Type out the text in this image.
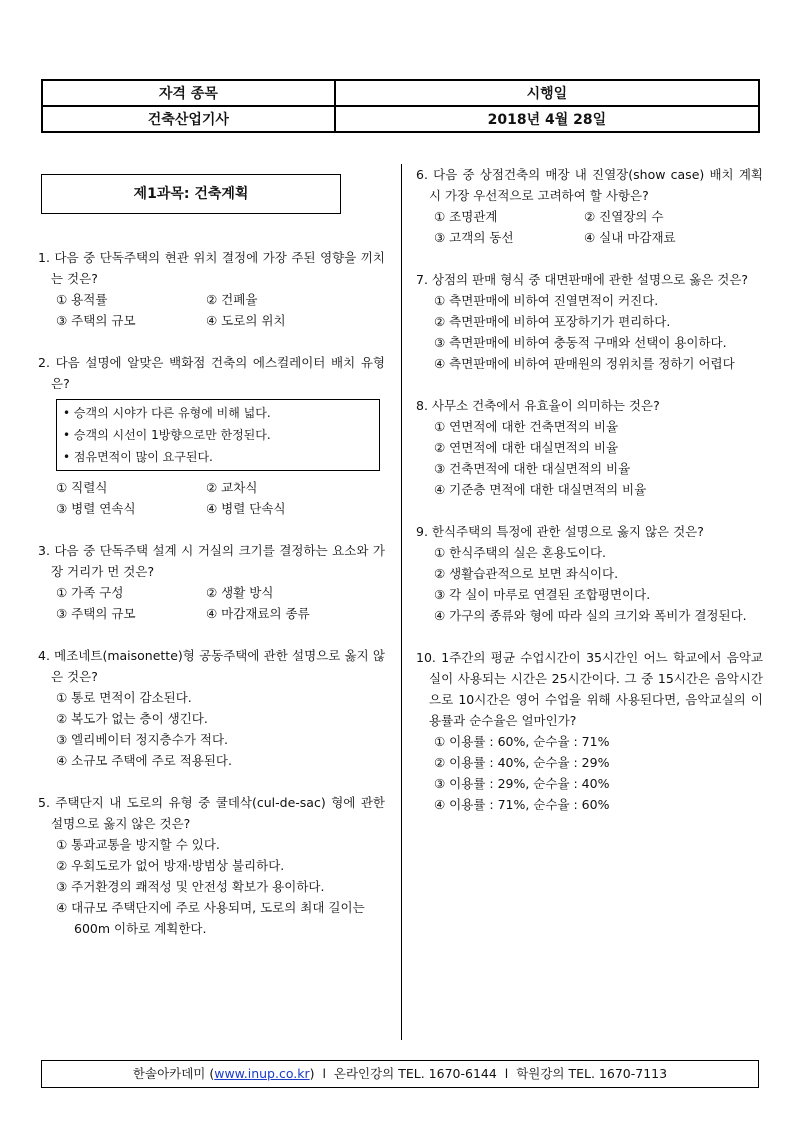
자격 종목	시행일
건축산업기사	2018년 4월 28일
제1과목: 건축계획
1. 다음 중 단독주택의 현관 위치 결정에 가장 주된 영향을 끼치는 것은?
① 용적률	② 건폐율
③ 주택의 규모	④ 도로의 위치
2. 다음 설명에 알맞은 백화점 건축의 에스컬레이터 배치 유형은?
• 승객의 시야가 다른 유형에 비해 넓다.
• 승객의 시선이 1방향으로만 한정된다.
• 점유면적이 많이 요구된다.
① 직렬식	② 교차식
③ 병렬 연속식	④ 병렬 단속식
3. 다음 중 단독주택 설계 시 거실의 크기를 결정하는 요소와 가장 거리가 먼 것은?
① 가족 구성	② 생활 방식
③ 주택의 규모	④ 마감재료의 종류
4. 메조네트(maisonette)형 공동주택에 관한 설명으로 옳지 않은 것은?
① 통로 면적이 감소된다.
② 복도가 없는 층이 생긴다.
③ 엘리베이터 정지층수가 적다.
④ 소규모 주택에 주로 적용된다.
5. 주택단지 내 도로의 유형 중 쿨데삭(cul-de-sac) 형에 관한 설명으로 옳지 않은 것은?
① 통과교통을 방지할 수 있다.
② 우회도로가 없어 방재·방범상 불리하다.
③ 주거환경의 쾌적성 및 안전성 확보가 용이하다.
④ 대규모 주택단지에 주로 사용되며, 도로의 최대 길이는 600m 이하로 계획한다.
6. 다음 중 상점건축의 매장 내 진열장(show case) 배치 계획 시 가장 우선적으로 고려하여 할 사항은?
① 조명관계	② 진열장의 수
③ 고객의 동선	④ 실내 마감재료
7. 상점의 판매 형식 중 대면판매에 관한 설명으로 옳은 것은?
① 측면판매에 비하여 진열면적이 커진다.
② 측면판매에 비하여 포장하기가 편리하다.
③ 측면판매에 비하여 충동적 구매와 선택이 용이하다.
④ 측면판매에 비하여 판매원의 정위치를 정하기 어렵다
8. 사무소 건축에서 유효율이 의미하는 것은?
① 연면적에 대한 건축면적의 비율
② 연면적에 대한 대실면적의 비율
③ 건축면적에 대한 대실면적의 비율
④ 기준층 면적에 대한 대실면적의 비율
9. 한식주택의 특정에 관한 설명으로 옳지 않은 것은?
① 한식주택의 실은 혼용도이다.
② 생활습관적으로 보면 좌식이다.
③ 각 실이 마루로 연결된 조합평면이다.
④ 가구의 종류와 형에 따라 실의 크기와 폭비가 결정된다.
10. 1주간의 평균 수업시간이 35시간인 어느 학교에서 음악교실이 사용되는 시간은 25시간이다. 그 중 15시간은 음악시간으로 10시간은 영어 수업을 위해 사용된다면, 음악교실의 이용률과 순수율은 얼마인가?
① 이용률 : 60%, 순수율 : 71%
② 이용률 : 40%, 순수율 : 29%
③ 이용률 : 29%, 순수율 : 40%
④ 이용률 : 71%, 순수율 : 60%
한솔아카데미 (www.inup.co.kr)  l 온라인강의 TEL. 1670-6144 l 학원강의 TEL. 1670-7113
